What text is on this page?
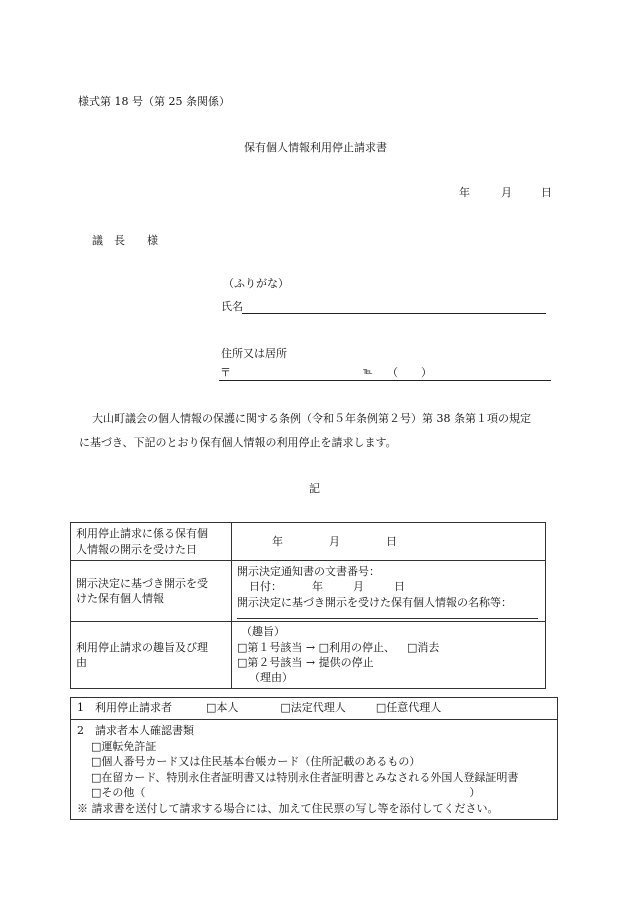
様式第 18 号（第 25 条関係）
保有個人情報利用停止請求書
年	月	日
議　長　　様
（ふりがな）
氏名
住所又は居所
〒	℡ （ ）
大山町議会の個人情報の保護に関する条例（令和５年条例第２号）第 38 条第１項の規定
に基づき、下記のとおり保有個人情報の利用停止を請求します。
記
利用停止請求に係る保有個
人情報の開示を受けた日	年 月 日

開示決定に基づき開示を受
けた保有個人情報	開示決定通知書の文書番号：
日付： 年 月 日
開示決定に基づき開示を受けた保有個人情報の名称等：

利用停止請求の趣旨及び理
由	（趣旨）
□第１号該当 → □利用の停止、 □消去
□第２号該当 → 提供の停止
（理由）
1　利用停止請求者	□本人	□法定代理人	□任意代理人

2　請求者本人確認書類
□運転免許証
□個人番号カード又は住民基本台帳カード（住所記載のあるもの）
□在留カード、特別永住者証明書又は特別永住者証明書とみなされる外国人登録証明書
□その他（	）
※ 請求書を送付して請求する場合には、加えて住民票の写し等を添付してください。
